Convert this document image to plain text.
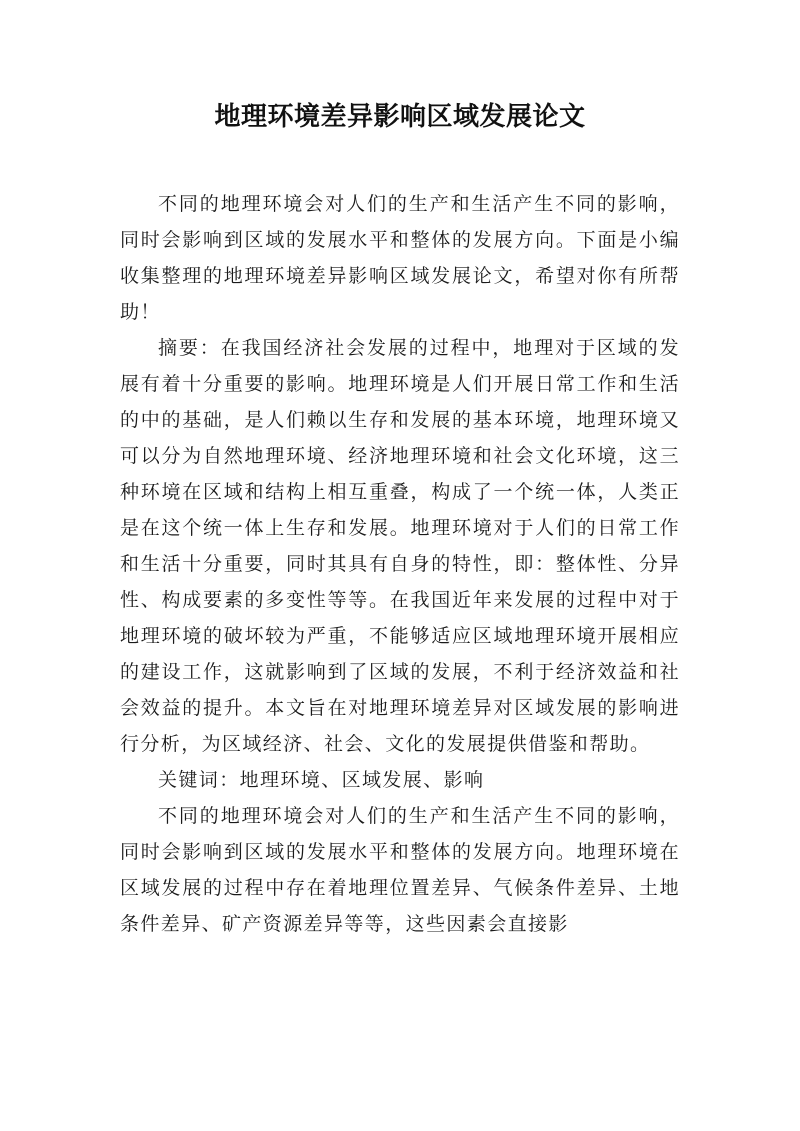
地理环境差异影响区域发展论文

不同的地理环境会对人们的生产和生活产生不同的影响，同时会影响到区域的发展水平和整体的发展方向。下面是小编收集整理的地理环境差异影响区域发展论文，希望对你有所帮助！

摘要：在我国经济社会发展的过程中，地理对于区域的发展有着十分重要的影响。地理环境是人们开展日常工作和生活的中的基础，是人们赖以生存和发展的基本环境，地理环境又可以分为自然地理环境、经济地理环境和社会文化环境，这三种环境在区域和结构上相互重叠，构成了一个统一体，人类正是在这个统一体上生存和发展。地理环境对于人们的日常工作和生活十分重要，同时其具有自身的特性，即：整体性、分异性、构成要素的多变性等等。在我国近年来发展的过程中对于地理环境的破坏较为严重，不能够适应区域地理环境开展相应的建设工作，这就影响到了区域的发展，不利于经济效益和社会效益的提升。本文旨在对地理环境差异对区域发展的影响进行分析，为区域经济、社会、文化的发展提供借鉴和帮助。

关键词：地理环境、区域发展、影响

不同的地理环境会对人们的生产和生活产生不同的影响，同时会影响到区域的发展水平和整体的发展方向。地理环境在区域发展的过程中存在着地理位置差异、气候条件差异、土地条件差异、矿产资源差异等等，这些因素会直接影
